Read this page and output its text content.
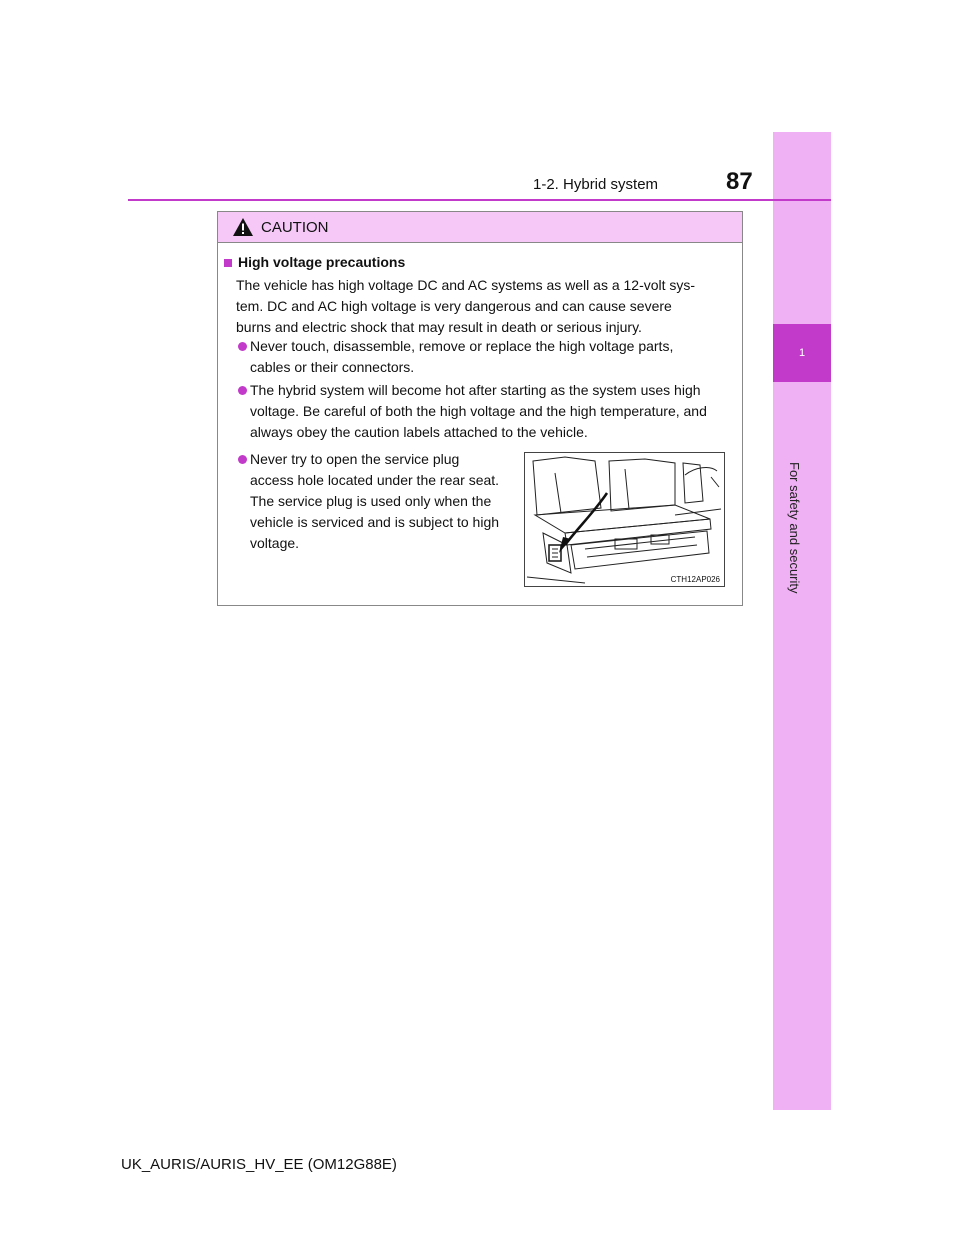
1
For safety and security
1-2. Hybrid system	87
CAUTION
High voltage precautions
The vehicle has high voltage DC and AC systems as well as a 12-volt sys-
tem. DC and AC high voltage is very dangerous and can cause severe
burns and electric shock that may result in death or serious injury.
Never touch, disassemble, remove or replace the high voltage parts,
cables or their connectors.
The hybrid system will become hot after starting as the system uses high
voltage. Be careful of both the high voltage and the high temperature, and
always obey the caution labels attached to the vehicle.
Never try to open the service plug
access hole located under the rear seat.
The service plug is used only when the
vehicle is serviced and is subject to high
voltage.
CTH12AP026
UK_AURIS/AURIS_HV_EE (OM12G88E)
